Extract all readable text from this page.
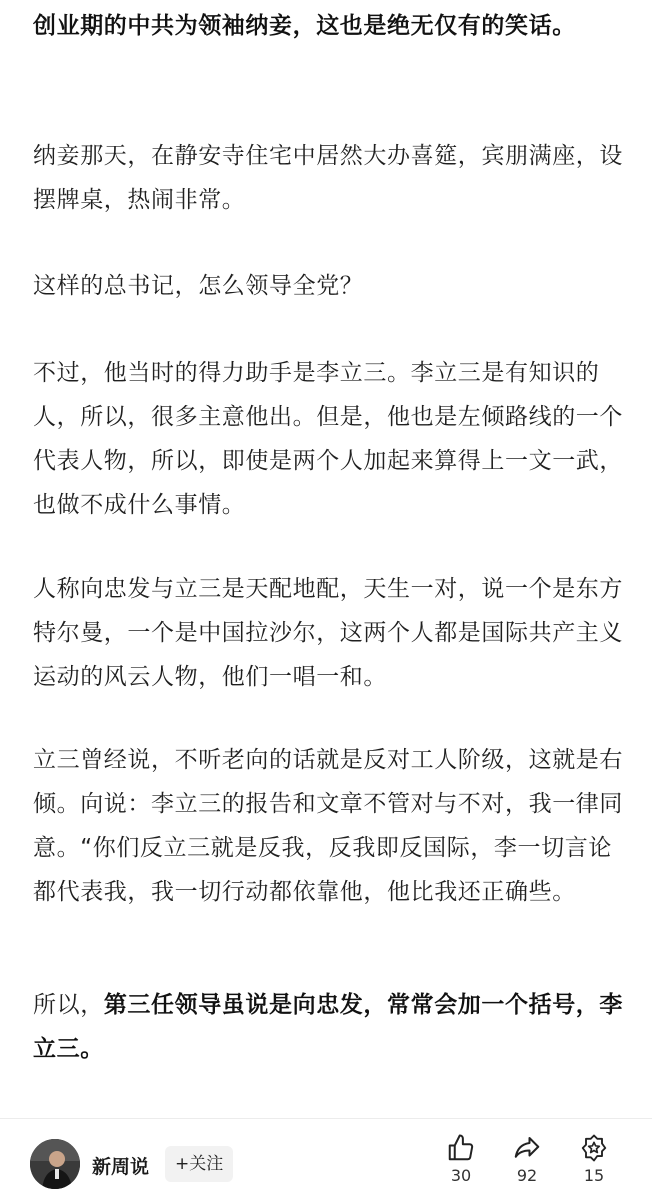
创业期的中共为领袖纳妾，这也是绝无仅有的笑话。

纳妾那天，在静安寺住宅中居然大办喜筵，宾朋满座，设摆牌桌，热闹非常。

这样的总书记，怎么领导全党？

不过，他当时的得力助手是李立三。李立三是有知识的人，所以，很多主意他出。但是，他也是左倾路线的一个代表人物，所以，即使是两个人加起来算得上一文一武，也做不成什么事情。

人称向忠发与立三是天配地配，天生一对，说一个是东方特尔曼，一个是中国拉沙尔，这两个人都是国际共产主义运动的风云人物，他们一唱一和。

立三曾经说，不听老向的话就是反对工人阶级，这就是右倾。向说：李立三的报告和文章不管对与不对，我一律同意。“你们反立三就是反我，反我即反国际，李一切言论都代表我，我一切行动都依靠他，他比我还正确些。

所以，第三任领导虽说是向忠发，常常会加一个括号，李立三。

新周说	+关注
30	92	15
